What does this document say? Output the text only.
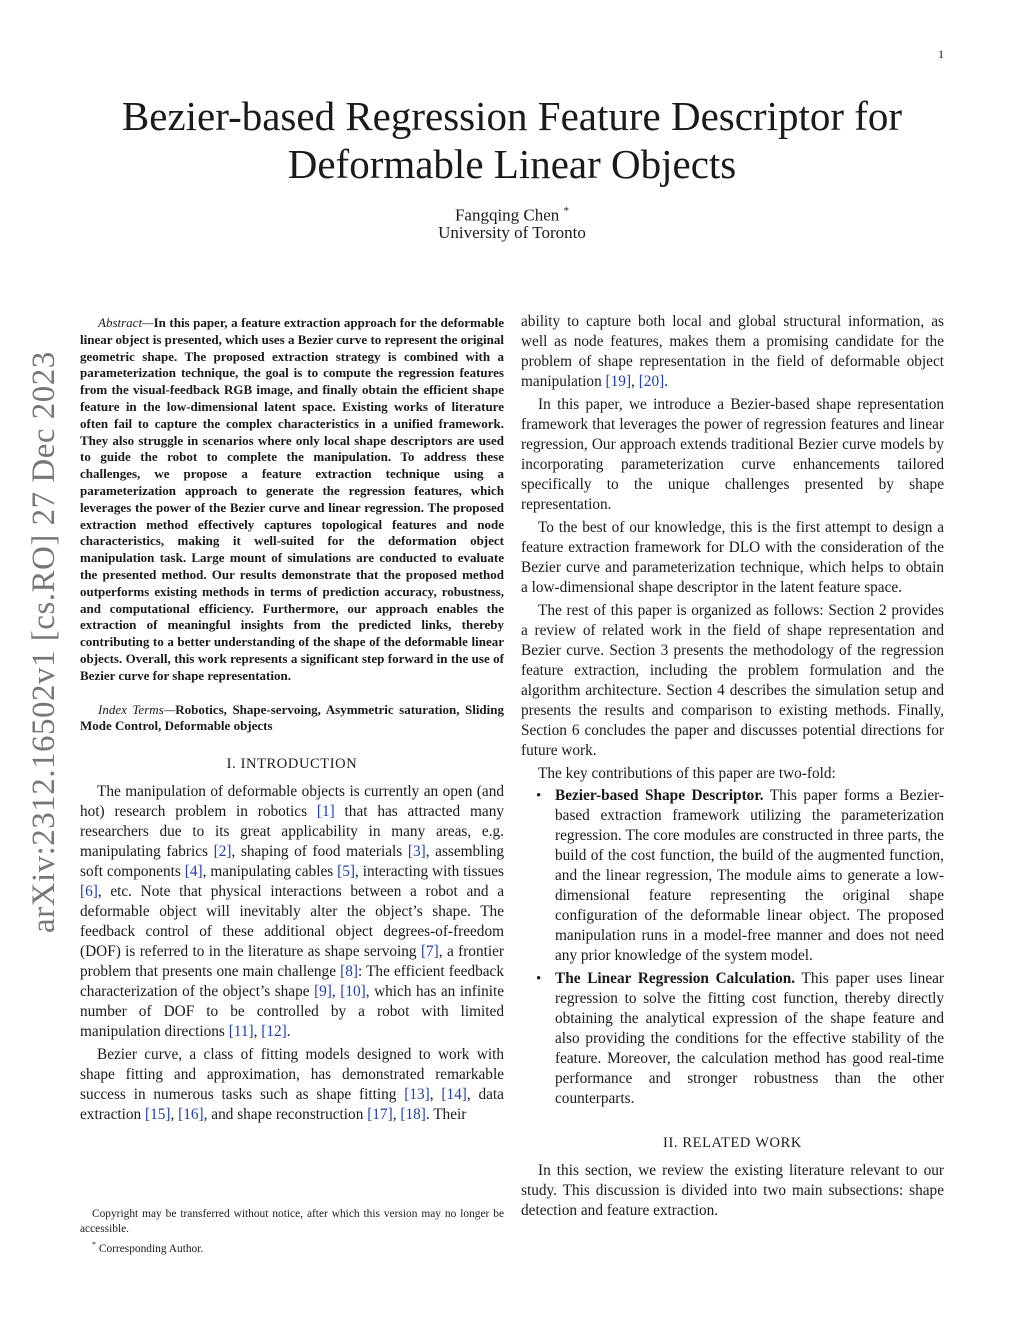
1
Bezier-based Regression Feature Descriptor for Deformable Linear Objects
Fangqing Chen *
University of Toronto
arXiv:2312.16502v1 [cs.RO] 27 Dec 2023

Abstract—In this paper, a feature extraction approach for the deformable linear object is presented, which uses a Bezier curve to represent the original geometric shape. The proposed extraction strategy is combined with a parameterization technique, the goal is to compute the regression features from the visual-feedback RGB image, and finally obtain the efficient shape feature in the low-dimensional latent space. Existing works of literature often fail to capture the complex characteristics in a unified framework. They also struggle in scenarios where only local shape descriptors are used to guide the robot to complete the manipulation. To address these challenges, we propose a feature extraction technique using a parameterization approach to generate the regression features, which leverages the power of the Bezier curve and linear regression. The proposed extraction method effectively captures topological features and node characteristics, making it well-suited for the deformation object manipulation task. Large mount of simulations are conducted to evaluate the presented method. Our results demonstrate that the proposed method outperforms existing methods in terms of prediction accuracy, robustness, and computational efficiency. Furthermore, our approach enables the extraction of meaningful insights from the predicted links, thereby contributing to a better understanding of the shape of the deformable linear objects. Overall, this work represents a significant step forward in the use of Bezier curve for shape representation.

Index Terms—Robotics, Shape-servoing, Asymmetric saturation, Sliding Mode Control, Deformable objects

I. INTRODUCTION

The manipulation of deformable objects is currently an open (and hot) research problem in robotics [1] that has attracted many researchers due to its great applicability in many areas, e.g. manipulating fabrics [2], shaping of food materials [3], assembling soft components [4], manipulating cables [5], interacting with tissues [6], etc. Note that physical interactions between a robot and a deformable object will inevitably alter the object’s shape. The feedback control of these additional object degrees-of-freedom (DOF) is referred to in the literature as shape servoing [7], a frontier problem that presents one main challenge [8]: The efficient feedback characterization of the object’s shape [9], [10], which has an infinite number of DOF to be controlled by a robot with limited manipulation directions [11], [12].

Bezier curve, a class of fitting models designed to work with shape fitting and approximation, has demonstrated remarkable success in numerous tasks such as shape fitting [13], [14], data extraction [15], [16], and shape reconstruction [17], [18]. Their

Copyright may be transferred without notice, after which this version may no longer be accessible.

* Corresponding Author.

ability to capture both local and global structural information, as well as node features, makes them a promising candidate for the problem of shape representation in the field of deformable object manipulation [19], [20].

In this paper, we introduce a Bezier-based shape representation framework that leverages the power of regression features and linear regression, Our approach extends traditional Bezier curve models by incorporating parameterization curve enhancements tailored specifically to the unique challenges presented by shape representation.

To the best of our knowledge, this is the first attempt to design a feature extraction framework for DLO with the consideration of the Bezier curve and parameterization technique, which helps to obtain a low-dimensional shape descriptor in the latent feature space.

The rest of this paper is organized as follows: Section 2 provides a review of related work in the field of shape representation and Bezier curve. Section 3 presents the methodology of the regression feature extraction, including the problem formulation and the algorithm architecture. Section 4 describes the simulation setup and presents the results and comparison to existing methods. Finally, Section 6 concludes the paper and discusses potential directions for future work.

The key contributions of this paper are two-fold:

• Bezier-based Shape Descriptor. This paper forms a Bezier-based extraction framework utilizing the parameterization regression. The core modules are constructed in three parts, the build of the cost function, the build of the augmented function, and the linear regression, The module aims to generate a low-dimensional feature representing the original shape configuration of the deformable linear object. The proposed manipulation runs in a model-free manner and does not need any prior knowledge of the system model.
• The Linear Regression Calculation. This paper uses linear regression to solve the fitting cost function, thereby directly obtaining the analytical expression of the shape feature and also providing the conditions for the effective stability of the feature. Moreover, the calculation method has good real-time performance and stronger robustness than the other counterparts.
II. RELATED WORK

In this section, we review the existing literature relevant to our study. This discussion is divided into two main subsections: shape detection and feature extraction.
